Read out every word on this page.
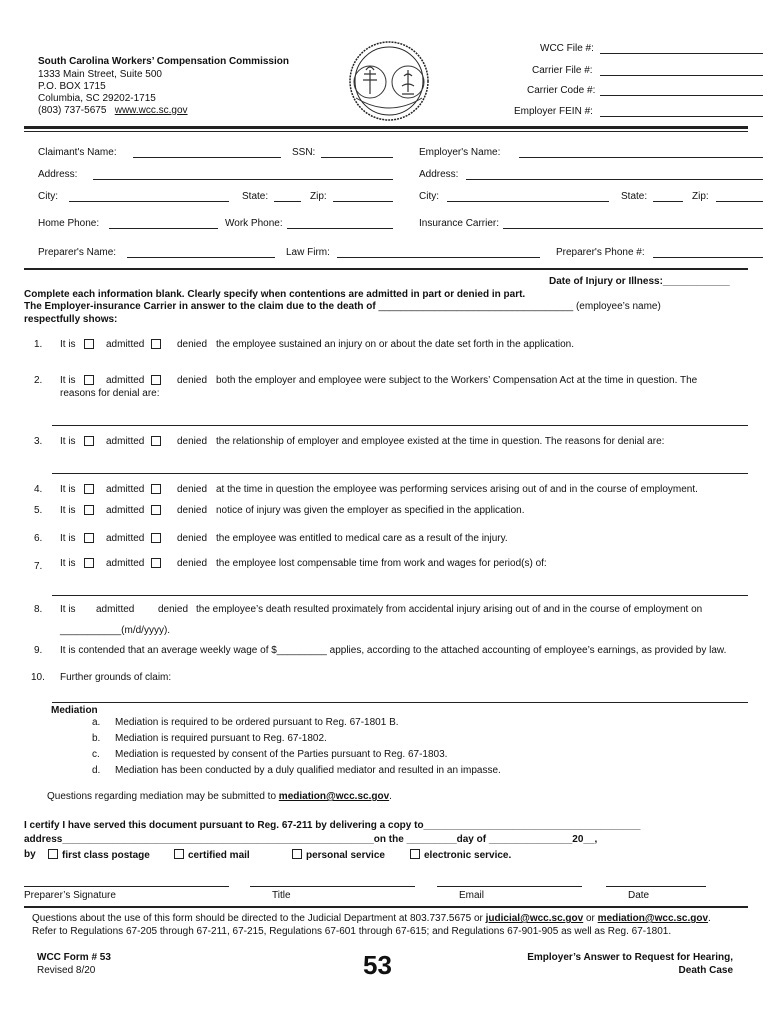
South Carolina Workers’ Compensation Commission
1333 Main Street, Suite 500
P.O. BOX 1715
Columbia, SC 29202-1715
(803) 737-5675 www.wcc.sc.gov
WCC File #:
Carrier File #:
Carrier Code #:
Employer FEIN #:
Claimant's Name:	SSN:	Employer's Name:
Address:	Address:
City:	State:	Zip:	City:	State:	Zip:
Home Phone:	Work Phone:	Insurance Carrier:
Preparer's Name:	Law Firm:	Preparer's Phone #:
Date of Injury or Illness:____________
Complete each information blank. Clearly specify when contentions are admitted in part or denied in part.
The Employer-insurance Carrier in answer to the claim due to the death of ___________________________________ (employee’s name)
respectfully shows:
1. It is	admitted	denied the employee sustained an injury on or about the date set forth in the application.
2. It is	admitted	denied both the employer and employee were subject to the Workers’ Compensation Act at the time in question. The
reasons for denial are:
3. It is	admitted	denied the relationship of employer and employee existed at the time in question. The reasons for denial are:
4. It is	admitted	denied at the time in question the employee was performing services arising out of and in the course of employment.
5. It is	admitted	denied notice of injury was given the employer as specified in the application.
6. It is	admitted	denied the employee was entitled to medical care as a result of the injury.
7. It is	admitted	denied the employee lost compensable time from work and wages for period(s) of:
8. It is admitted denied the employee’s death resulted proximately from accidental injury arising out of and in the course of employment on
___________(m/d/yyyy).
9. It is contended that an average weekly wage of $_________ applies, according to the attached accounting of employee’s earnings, as provided by law.
10. Further grounds of claim:
Mediation
a. Mediation is required to be ordered pursuant to Reg. 67-1801 B.
b. Mediation is required pursuant to Reg. 67-1802.
c. Mediation is requested by consent of the Parties pursuant to Reg. 67-1803.
d. Mediation has been conducted by a duly qualified mediator and resulted in an impasse.
Questions regarding mediation may be submitted to mediation@wcc.sc.gov.
I certify I have served this document pursuant to Reg. 67-211 by delivering a copy to_______________________________________
address________________________________________________________on the _________day of _______________20__,
by	first class postage	certified mail	personal service	electronic service.
Preparer’s Signature	Title	Email	Date
Questions about the use of this form should be directed to the Judicial Department at 803.737.5675 or judicial@wcc.sc.gov or mediation@wcc.sc.gov.
Refer to Regulations 67-205 through 67-211, 67-215, Regulations 67-601 through 67-615; and Regulations 67-901-905 as well as Reg. 67-1801.
WCC Form # 53
Revised 8/20	53	Employer’s Answer to Request for Hearing,
Death Case
